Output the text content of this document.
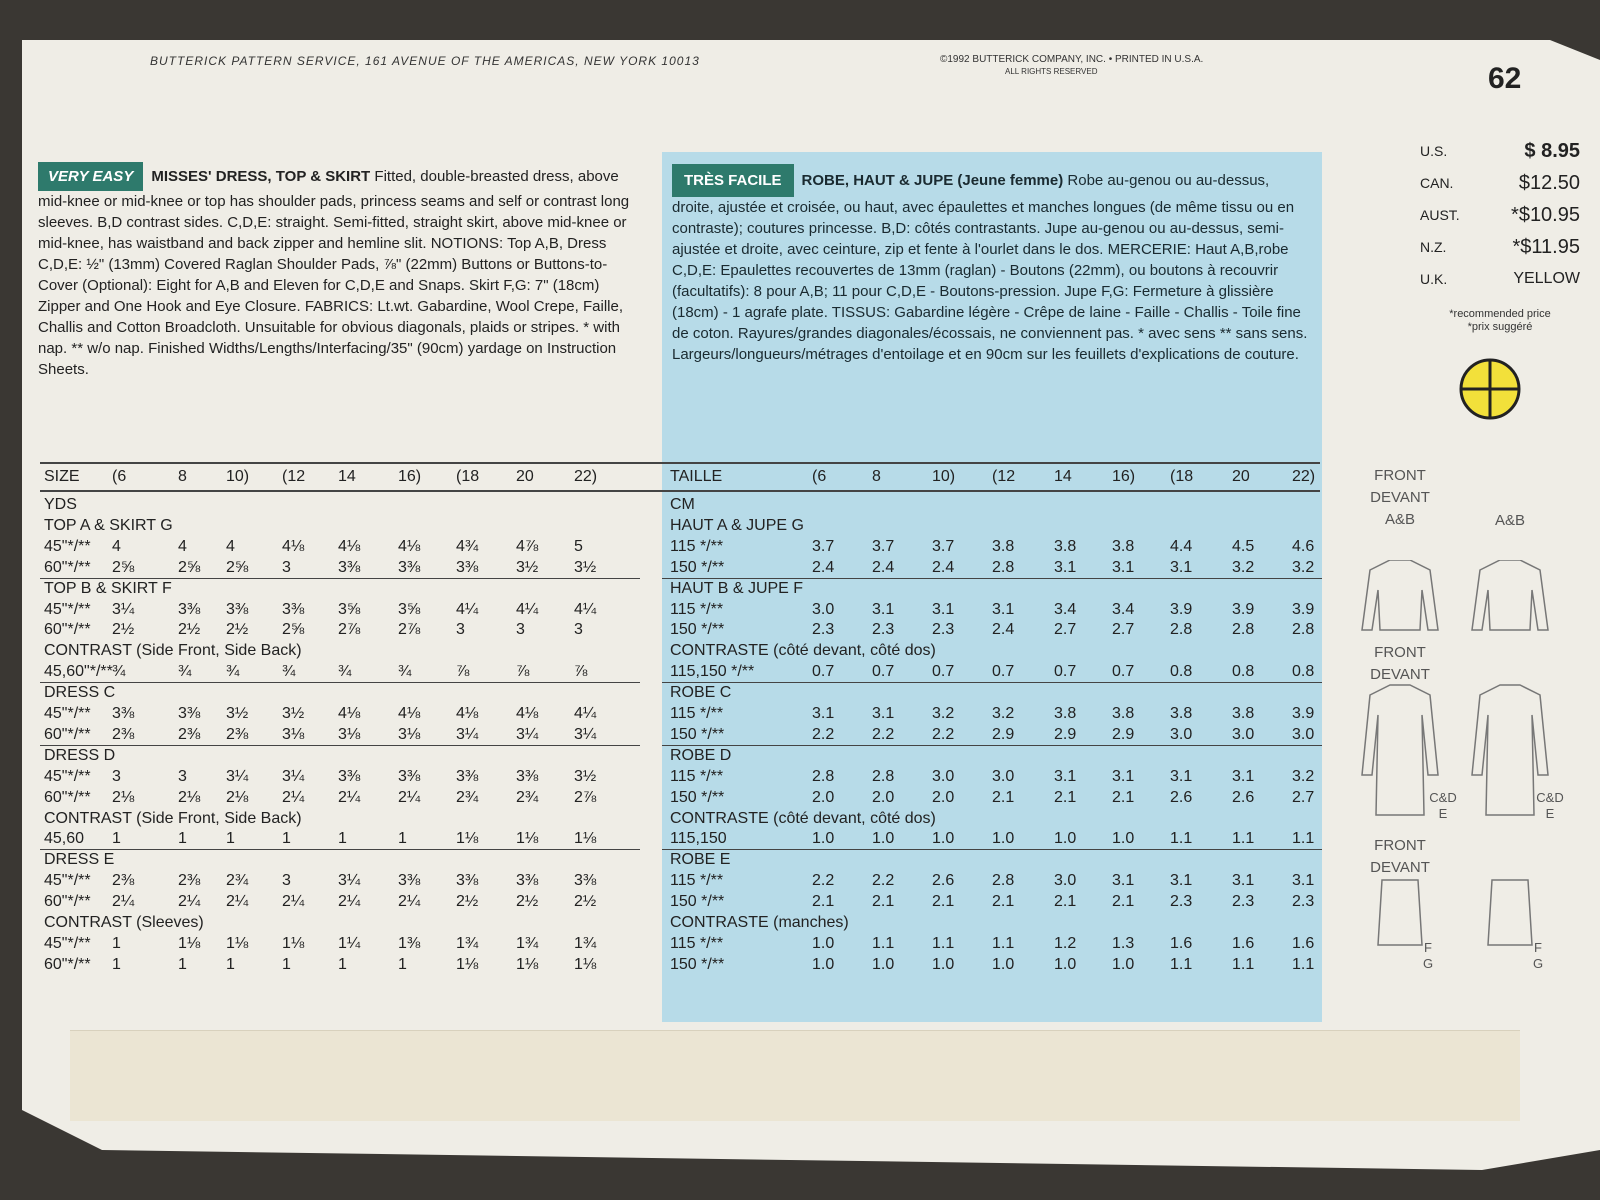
BUTTERICK PATTERN SERVICE, 161 AVENUE OF THE AMERICAS, NEW YORK 10013	©1992 BUTTERICK COMPANY, INC. • PRINTED IN U.S.A.
ALL RIGHTS RESERVED	62
U.S.	$ 8.95
CAN.	$12.50
AUST.	*$10.95
N.Z.	*$11.95
U.K.	YELLOW
*recommended price
*prix suggéré
VERY EASY MISSES' DRESS, TOP & SKIRT Fitted, double-breasted dress, above mid-knee or mid-knee or top has shoulder pads, princess seams and self or contrast long sleeves. B,D contrast sides. C,D,E: straight. Semi-fitted, straight skirt, above mid-knee or mid-knee, has waistband and back zipper and hemline slit. NOTIONS: Top A,B, Dress C,D,E: ½" (13mm) Covered Raglan Shoulder Pads, ⅞" (22mm) Buttons or Buttons-to-Cover (Optional): Eight for A,B and Eleven for C,D,E and Snaps. Skirt F,G: 7" (18cm) Zipper and One Hook and Eye Closure. FABRICS: Lt.wt. Gabardine, Wool Crepe, Faille, Challis and Cotton Broadcloth. Unsuitable for obvious diagonals, plaids or stripes. * with nap. ** w/o nap. Finished Widths/Lengths/Interfacing/35" (90cm) yardage on Instruction Sheets.
TRÈS FACILE ROBE, HAUT & JUPE (Jeune femme) Robe au-genou ou au-dessus, droite, ajustée et croisée, ou haut, avec épaulettes et manches longues (de même tissu ou en contraste); coutures princesse. B,D: côtés contrastants. Jupe au-genou ou au-dessus, semi-ajustée et droite, avec ceinture, zip et fente à l'ourlet dans le dos. MERCERIE: Haut A,B,robe C,D,E: Epaulettes recouvertes de 13mm (raglan) - Boutons (22mm), ou boutons à recouvrir (facultatifs): 8 pour A,B; 11 pour C,D,E - Boutons-pression. Jupe F,G: Fermeture à glissière (18cm) - 1 agrafe plate. TISSUS: Gabardine légère - Crêpe de laine - Faille - Challis - Toile fine de coton. Rayures/grandes diagonales/écossais, ne conviennent pas. * avec sens ** sans sens. Largeurs/longueurs/métrages d'entoilage et en 90cm sur les feuillets d'explications de couture.
SIZE (6	8 10) (12 14	16) (18 20	22)
YDS
TOP A & SKIRT G
45"*/** 4	4 4	4⅛ 4⅛ 4⅛ 4¾ 4⅞ 5
60"*/** 2⅝	2⅝ 2⅝ 3	3⅜ 3⅜ 3⅜ 3½ 3½
TOP B & SKIRT F
45"*/** 3¼	3⅜ 3⅜ 3⅜ 3⅝ 3⅝ 4¼ 4¼ 4¼
60"*/** 2½	2½ 2½ 2⅝ 2⅞ 2⅞ 3	3	3
CONTRAST (Side Front, Side Back)
45,60"*/** ¾	¾ ¾	¾	¾	¾	⅞	⅞	⅞
DRESS C
45"*/** 3⅜	3⅜ 3½ 3½ 4⅛ 4⅛ 4⅛ 4⅛ 4¼
60"*/** 2⅜	2⅜ 2⅜ 3⅛ 3⅛ 3⅛ 3¼ 3¼ 3¼
DRESS D
45"*/** 3	3 3¼ 3¼ 3⅜ 3⅜ 3⅜ 3⅜ 3½
60"*/** 2⅛	2⅛ 2⅛ 2¼ 2¼ 2¼ 2¾ 2¾ 2⅞
CONTRAST (Side Front, Side Back)
45,60 1	1 1	1	1	1	1⅛ 1⅛ 1⅛
DRESS E
45"*/** 2⅜	2⅜ 2¾ 3	3¼ 3⅜ 3⅜ 3⅜ 3⅜
60"*/** 2¼	2¼ 2¼ 2¼ 2¼ 2¼ 2½ 2½ 2½
CONTRAST (Sleeves)
45"*/** 1	1⅛ 1⅛ 1⅛ 1¼ 1⅜ 1¾ 1¾ 1¾
60"*/** 1	1 1	1	1	1	1⅛ 1⅛ 1⅛
TAILLE	(6	8	10) (12 14	16) (18 20	22)
CM
HAUT A & JUPE G
115 */**	3.7 3.7 3.7 3.8 3.8 3.8 4.4 4.5 4.6
150 */**	2.4 2.4 2.4 2.8 3.1 3.1 3.1 3.2 3.2
HAUT B & JUPE F
115 */**	3.0 3.1 3.1 3.1 3.4 3.4 3.9 3.9 3.9
150 */**	2.3 2.3 2.3 2.4 2.7 2.7 2.8 2.8 2.8
CONTRASTE (côté devant, côté dos)
115,150 */**	0.7 0.7 0.7 0.7 0.7 0.7 0.8 0.8 0.8
ROBE C
115 */**	3.1 3.1 3.2 3.2 3.8 3.8 3.8 3.8 3.9
150 */**	2.2 2.2 2.2 2.9 2.9 2.9 3.0 3.0 3.0
ROBE D
115 */**	2.8 2.8 3.0 3.0 3.1 3.1 3.1 3.1 3.2
150 */**	2.0 2.0 2.0 2.1 2.1 2.1 2.6 2.6 2.7
CONTRASTE (côté devant, côté dos)
115,150	1.0 1.0 1.0 1.0 1.0 1.0 1.1 1.1 1.1
ROBE E
115 */**	2.2 2.2 2.6 2.8 3.0 3.1 3.1 3.1 3.1
150 */**	2.1 2.1 2.1 2.1 2.1 2.1 2.3 2.3 2.3
CONTRASTE (manches)
115 */**	1.0 1.1 1.1 1.1 1.2 1.3 1.6 1.6 1.6
150 */**	1.0 1.0 1.0 1.0 1.0 1.0 1.1 1.1 1.1
FRONT
DEVANT
A&B	A&B
FRONT
DEVANT
C&D
E
C&D
E
FRONT
DEVANT
F
G
F
G
